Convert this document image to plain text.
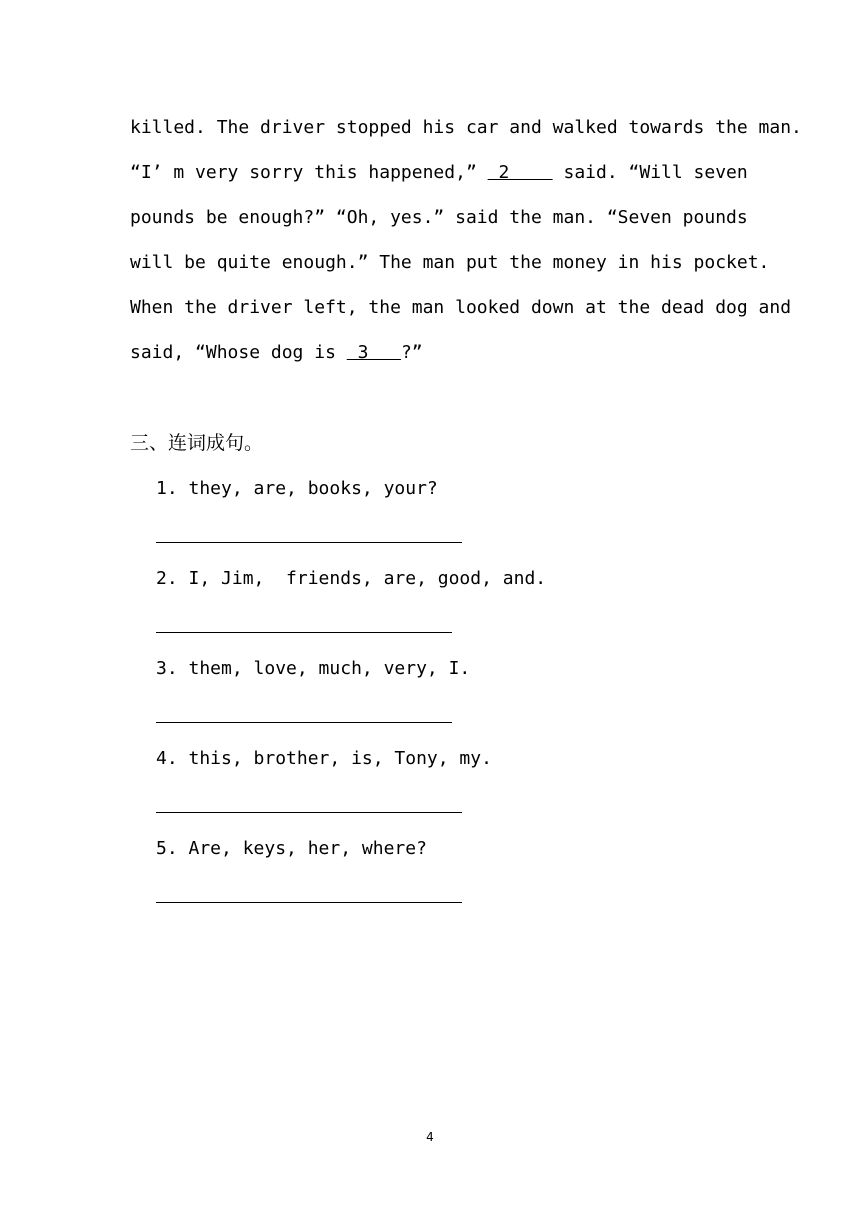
killed. The driver stopped his car and walked towards the man.
“I’ m very sorry this happened,”  2     said. “Will seven
pounds be enough?” “Oh, yes.” said the man. “Seven pounds
will be quite enough.” The man put the money in his pocket.
When the driver left, the man looked down at the dead dog and
said, “Whose dog is  3   ?”
三、连词成句。
1. they, are, books, your?
2. I, Jim,  friends, are, good, and.
3. them, love, much, very, I.
4. this, brother, is, Tony, my.
5. Are, keys, her, where?
4
